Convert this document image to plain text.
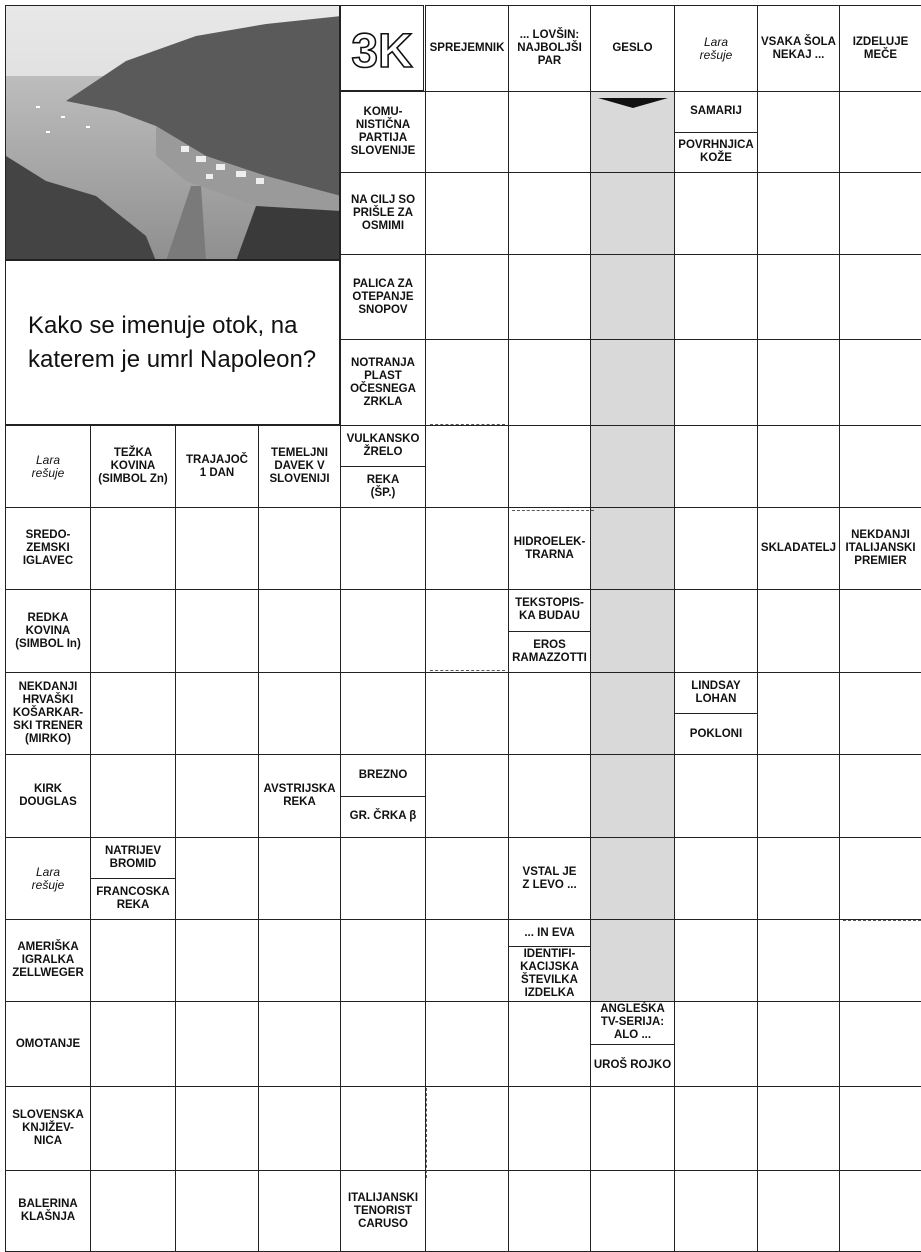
SPREJEMNIK
... LOVŠIN:
NAJBOLJŠI
PAR
GESLO	Lara
rešuje
VSAKA ŠOLA
NEKAJ ...
IZDELUJE
MEČE
KOMU-
NISTIČNA
PARTIJA
SLOVENIJE
NA CILJ SO
PRIŠLE ZA
OSMIMI
PALICA ZA
OTEPANJE
SNOPOV
NOTRANJA
PLAST
OČESNEGA
ZRKLA
VULKANSKO
ŽRELO
REKA
(ŠP.)
SAMARIJ
POVRHNJICA
KOŽE
Lara
rešuje
TEŽKA
KOVINA
(SIMBOL Zn)
TRAJAJOČ
1 DAN
TEMELJNI
DAVEK V
SLOVENIJI
SREDO-
ZEMSKI
IGLAVEC
REDKA
KOVINA
(SIMBOL In)
NEKDANJI
HRVAŠKI
KOŠARKAR-
SKI TRENER
(MIRKO)
KIRK
DOUGLAS
Lara
rešuje
AMERIŠKA
IGRALKA
ZELLWEGER
OMOTANJE
SLOVENSKA
KNJIŽEV-
NICA
BALERINA
KLAŠNJA
HIDROELEK-
TRARNA
SKLADATELJ
NEKDANJI
ITALIJANSKI
PREMIER
TEKSTOPIS-
KA BUDAU
EROS
RAMAZZOTTI
LINDSAY
LOHAN
POKLONI
AVSTRIJSKA
REKA
BREZNO
GR. ČRKA β
NATRIJEV
BROMID
FRANCOSKA
REKA
VSTAL JE
Z LEVO ...
... IN EVA
IDENTIFI-
KACIJSKA
ŠTEVILKA
IZDELKA
ANGLEŠKA
TV-SERIJA:
ALO ...
UROŠ ROJKO
ITALIJANSKI
TENORIST
CARUSO
Kako se imenuje otok, na katerem je umrl Napoleon?
3K
